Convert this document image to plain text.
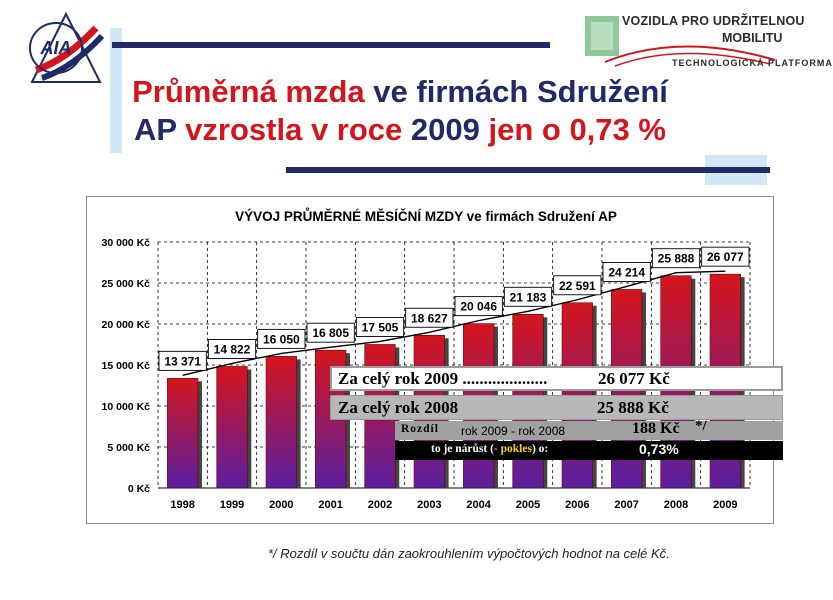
AIA
VOZIDLA PRO UDRŽITELNOU
MOBILITU
TECHNOLOGICKÁ PLATFORMA
Průměrná mzda ve firmách Sdružení
AP vzrostla v roce 2009 jen o 0,73 %
VÝVOJ PRŮMĚRNÉ MĚSÍČNÍ MZDY ve firmách Sdružení AP
0 Kč
5 000 Kč
10 000 Kč
15 000 Kč
20 000 Kč
25 000 Kč
30 000 Kč
1998 1999 2000 2001 2002 2003 2004 2005 2006 2007 2008 2009
13 371
14 822
16 050 16 805 17 505
18 627
20 046
21 183
22 591
24 214
25 888 26 077
Za celý rok 2009 ....................	26 077 Kč
Za celý rok 2008	25 888 Kč
Rozdíl rok 2009 - rok 2008	188 Kč */
to je nárůst (- pokles) o:	0,73%
*/ Rozdíl v součtu dán zaokrouhlením výpočtových hodnot na celé Kč.
